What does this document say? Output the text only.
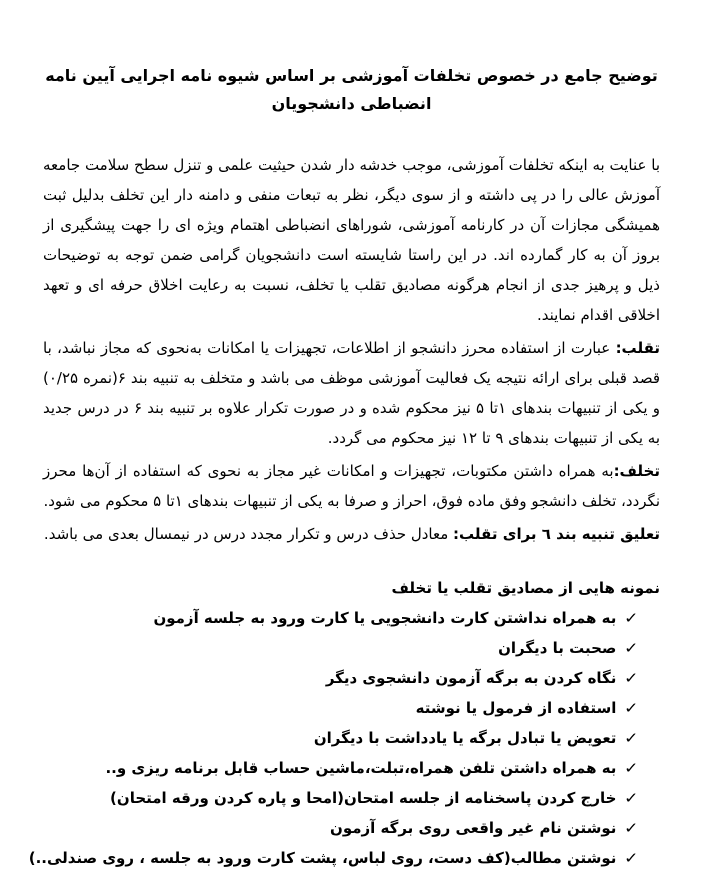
توضیح جامع در خصوص تخلفات آموزشی بر اساس شیوه نامه اجرایی آیین نامه انضباطی دانشجویان

با عنایت به اینکه تخلفات آموزشی، موجب خدشه دار شدن حیثیت علمی و تنزل سطح سلامت جامعه آموزش عالی را در پی داشته و از سوی دیگر، نظر به تبعات منفی و دامنه دار این تخلف بدلیل ثبت همیشگی مجازات آن در کارنامه آموزشی، شوراهای انضباطی اهتمام ویژه ای را جهت پیشگیری از بروز آن به کار گمارده اند. در این راستا شایسته است دانشجویان گرامی ضمن توجه به توضیحات ذیل و پرهیز جدی از انجام هرگونه مصادیق تقلب یا تخلف، نسبت به رعایت اخلاق حرفه ای و تعهد اخلاقی اقدام نمایند.

تقلب: عبارت از استفاده محرز دانشجو از اطلاعات، تجهیزات یا امکانات به‌نحوی که مجاز نباشد، با قصد قبلی برای ارائه نتیجه یک فعالیت آموزشی موظف می باشد و متخلف به تنبیه بند ۶(نمره ۰/۲۵) و یکی از تنبیهات بندهای ۱تا ۵ نیز محکوم شده و در صورت تکرار علاوه بر تنبیه بند ۶ در درس جدید به یکی از تنبیهات بندهای ۹ تا ۱۲ نیز محکوم می گردد.

تخلف:به همراه داشتن مکتوبات، تجهیزات و امکانات غیر مجاز به نحوی که استفاده از آن‌ها محرز نگردد، تخلف دانشجو وفق ماده فوق، احراز و صرفا به یکی از تنبیهات بندهای ۱تا ۵ محکوم می شود.

تعلیق تنبیه بند ٦ برای تقلب: معادل حذف درس و تکرار مجدد درس در نیمسال بعدی می باشد.

نمونه هایی از مصادیق تقلب یا تخلف
✓به همراه نداشتن کارت دانشجویی یا کارت ورود به جلسه آزمون
✓صحبت با دیگران
✓نگاه کردن به برگه آزمون دانشجوی دیگر
✓استفاده از فرمول یا نوشته
✓تعویض یا تبادل برگه یا یادداشت با دیگران
✓به همراه داشتن تلفن همراه،تبلت،ماشین حساب قابل برنامه ریزی و..
✓خارج کردن پاسخنامه از جلسه امتحان(امحا و پاره کردن ورقه امتحان)
✓نوشتن نام غیر واقعی روی برگه آزمون
✓نوشتن مطالب(کف دست، روی لباس، پشت کارت ورود به جلسه ، روی صندلی..)
